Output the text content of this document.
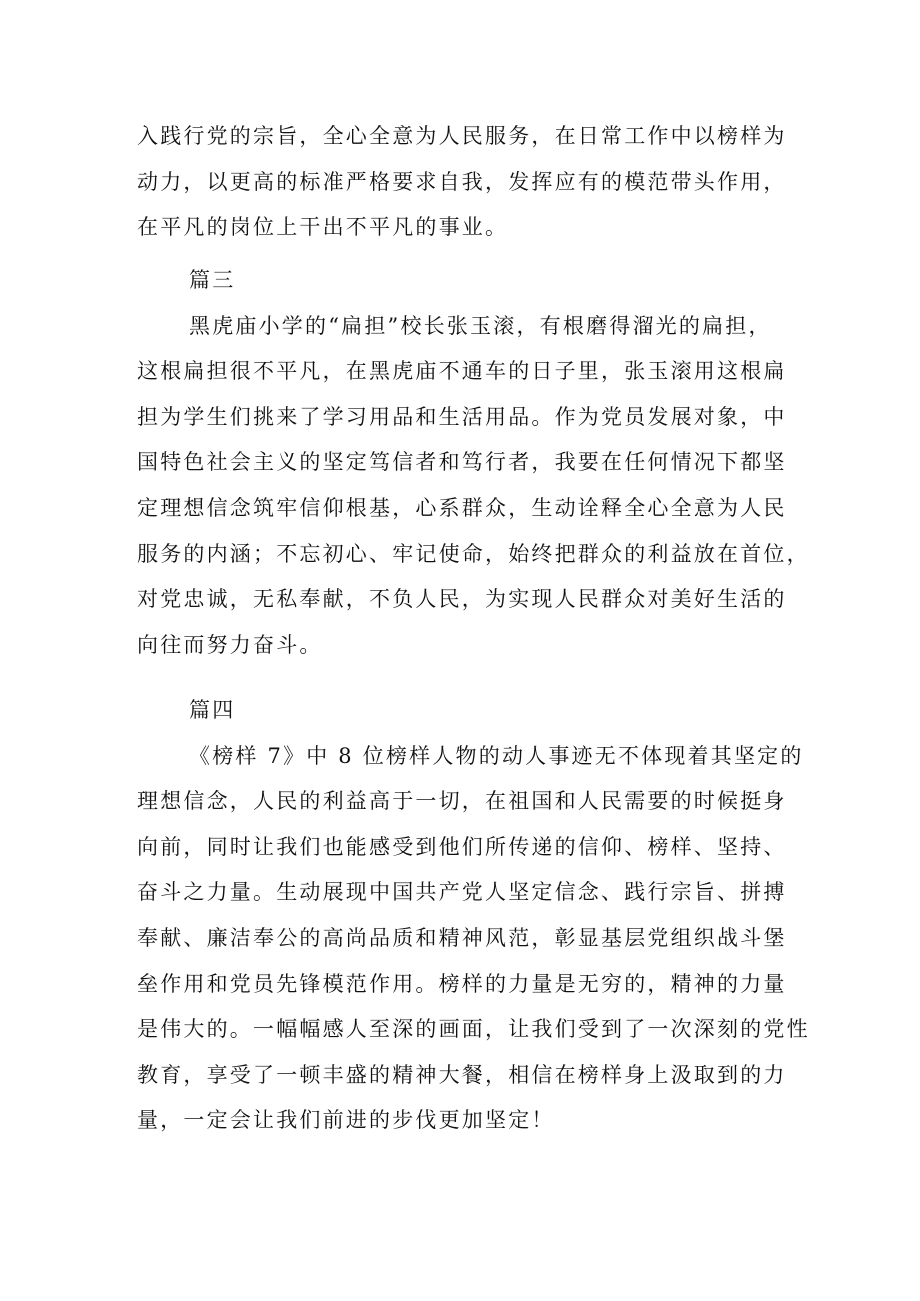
入践行党的宗旨，全心全意为人民服务，在日常工作中以榜样为
动力，以更高的标准严格要求自我，发挥应有的模范带头作用，
在平凡的岗位上干出不平凡的事业。
篇三
黑虎庙小学的“扁担”校长张玉滚，有根磨得溜光的扁担，
这根扁担很不平凡，在黑虎庙不通车的日子里，张玉滚用这根扁
担为学生们挑来了学习用品和生活用品。作为党员发展对象，中
国特色社会主义的坚定笃信者和笃行者，我要在任何情况下都坚
定理想信念筑牢信仰根基，心系群众，生动诠释全心全意为人民
服务的内涵；不忘初心、牢记使命，始终把群众的利益放在首位，
对党忠诚，无私奉献，不负人民，为实现人民群众对美好生活的
向往而努力奋斗。
篇四
《榜样 7》中 8 位榜样人物的动人事迹无不体现着其坚定的
理想信念，人民的利益高于一切，在祖国和人民需要的时候挺身
向前，同时让我们也能感受到他们所传递的信仰、榜样、坚持、
奋斗之力量。生动展现中国共产党人坚定信念、践行宗旨、拼搏
奉献、廉洁奉公的高尚品质和精神风范，彰显基层党组织战斗堡
垒作用和党员先锋模范作用。榜样的力量是无穷的，精神的力量
是伟大的。一幅幅感人至深的画面，让我们受到了一次深刻的党性
教育，享受了一顿丰盛的精神大餐，相信在榜样身上汲取到的力
量，一定会让我们前进的步伐更加坚定！
